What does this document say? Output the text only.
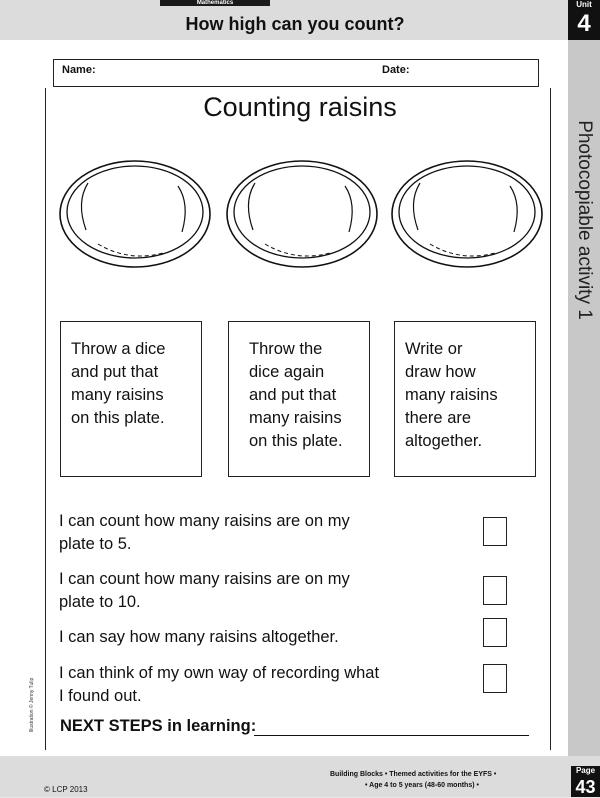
Mathematics
How high can you count?
Unit
4
Photocopiable activity 1
Name:	Date:
Counting raisins
Throw a dice
and put that
many raisins
on this plate.
Throw the
dice again
and put that
many raisins
on this plate.
Write or
draw how
many raisins
there are
altogether.
I can count how many raisins are on my
plate to 5.
I can count how many raisins are on my
plate to 10.
I can say how many raisins altogether.
I can think of my own way of recording what
I found out.
NEXT STEPS in learning:
Illustration © Jenny Tulip
© LCP 2013
Building Blocks • Themed activities for the EYFS •
• Age 4 to 5 years (48-60 months) •
Page
43
